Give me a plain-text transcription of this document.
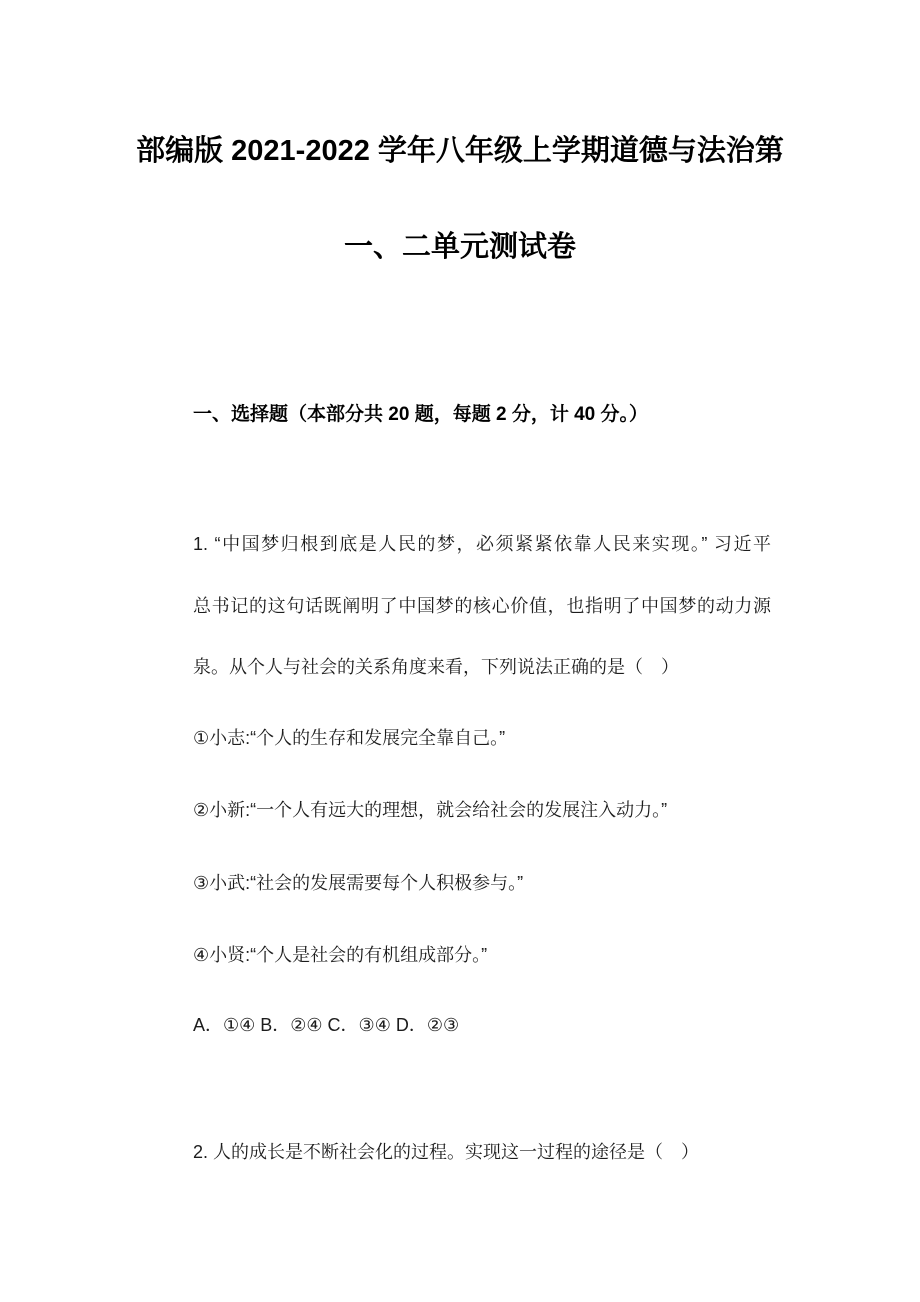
部编版 2021-2022 学年八年级上学期道德与法治第
一、二单元测试卷
一、选择题（本部分共 20 题，每题 2 分，计 40 分。）
1. “中国梦归根到底是人民的梦，必须紧紧依靠人民来实现。” 习近平
总书记的这句话既阐明了中国梦的核心价值，也指明了中国梦的动力源
泉。从个人与社会的关系角度来看，下列说法正确的是（　）
①小志:“个人的生存和发展完全靠自己。”
②小新:“一个人有远大的理想，就会给社会的发展注入动力。”
③小武:“社会的发展需要每个人积极参与。”
④小贤:“个人是社会的有机组成部分。”
A．①④ B．②④ C．③④ D．②③
2. 人的成长是不断社会化的过程。实现这一过程的途径是（　）
